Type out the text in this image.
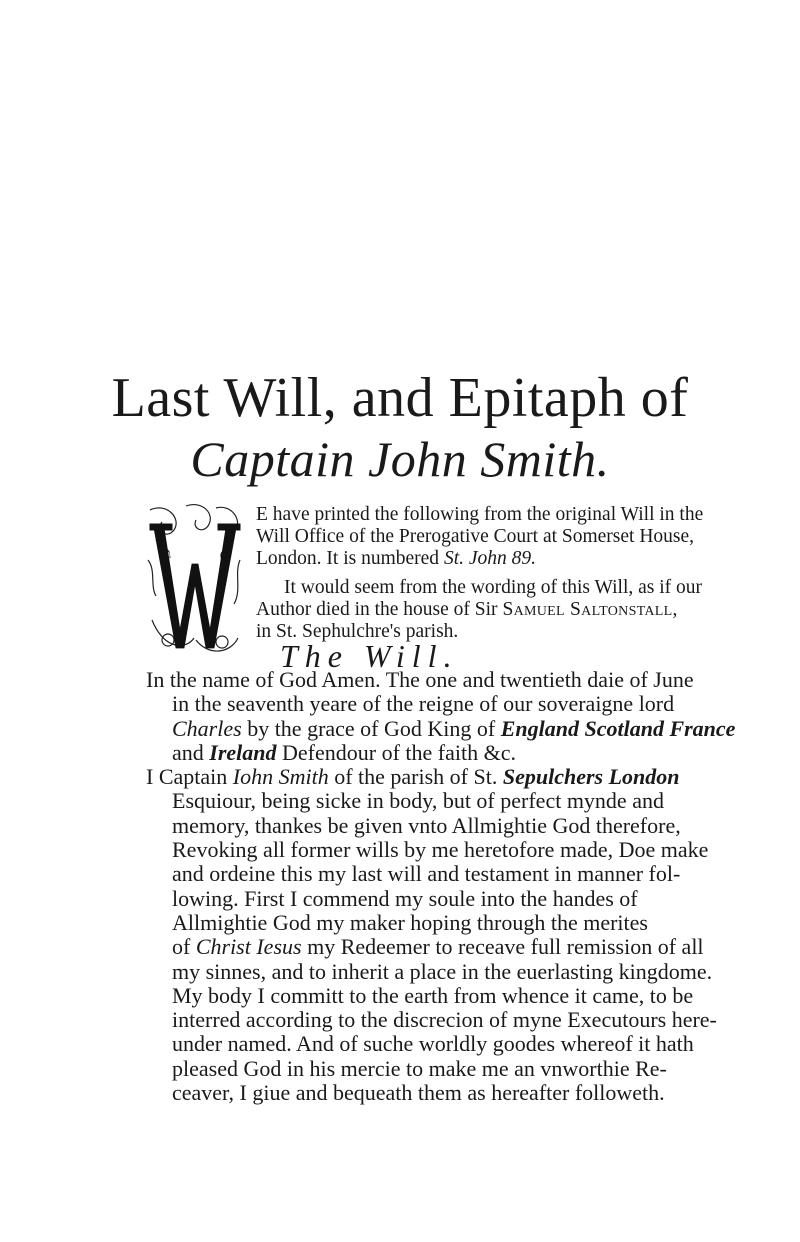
Last Will, and Epitaph of
Captain John Smith.
E have printed the following from the original Will in the
Will Office of the Prerogative Court at Somerset House,
London. It is numbered St. John 89.
It would seem from the wording of this Will, as if our
Author died in the house of Sir Samuel Saltonstall,
in St. Sephulchre's parish.
The Will.
In the name of God Amen. The one and twentieth daie of June
in the seaventh yeare of the reigne of our soveraigne lord
Charles by the grace of God King of England Scotland France
and Ireland Defendour of the faith &c.
I Captain Iohn Smith of the parish of St. Sepulchers London
Esquiour, being sicke in body, but of perfect mynde and
memory, thankes be given vnto Allmightie God therefore,
Revoking all former wills by me heretofore made, Doe make
and ordeine this my last will and testament in manner fol-
lowing. First I commend my soule into the handes of
Allmightie God my maker hoping through the merites
of Christ Iesus my Redeemer to receave full remission of all
my sinnes, and to inherit a place in the euerlasting kingdome.
My body I committ to the earth from whence it came, to be
interred according to the discrecion of myne Executours here-
under named. And of suche worldly goodes whereof it hath
pleased God in his mercie to make me an vnworthie Re-
ceaver, I giue and bequeath them as hereafter followeth.
